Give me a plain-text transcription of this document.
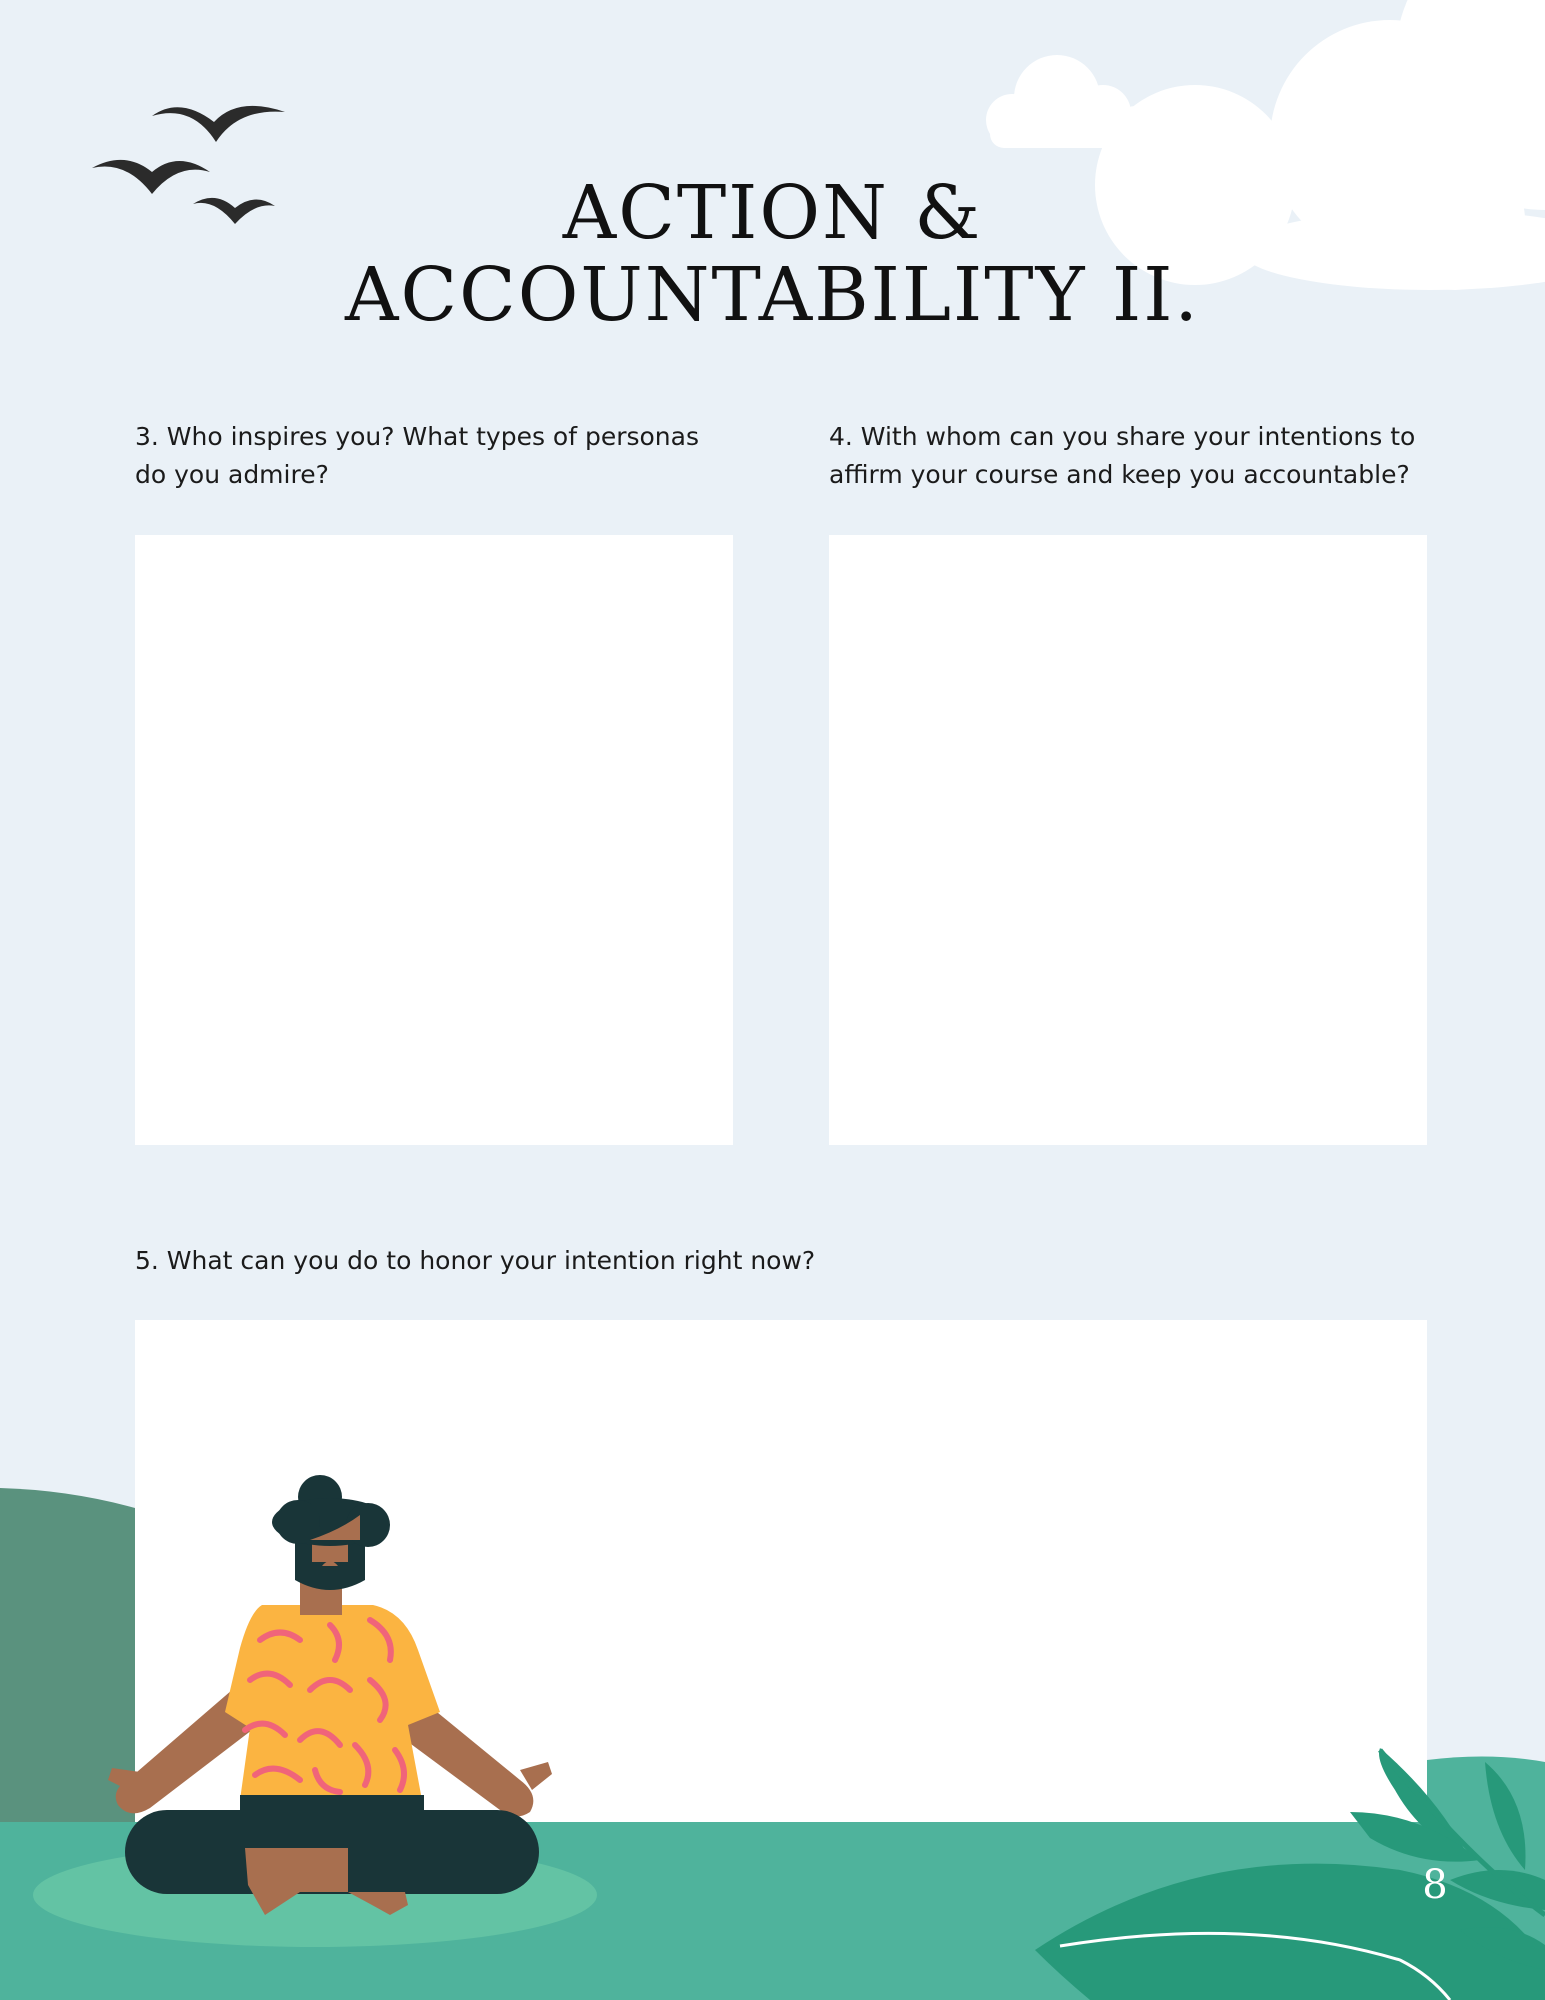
ACTION &
ACCOUNTABILITY II.

3. Who inspires you? What types of personas do you admire?

4. With whom can you share your intentions to affirm your course and keep you accountable?

5. What can you do to honor your intention right now?

8
